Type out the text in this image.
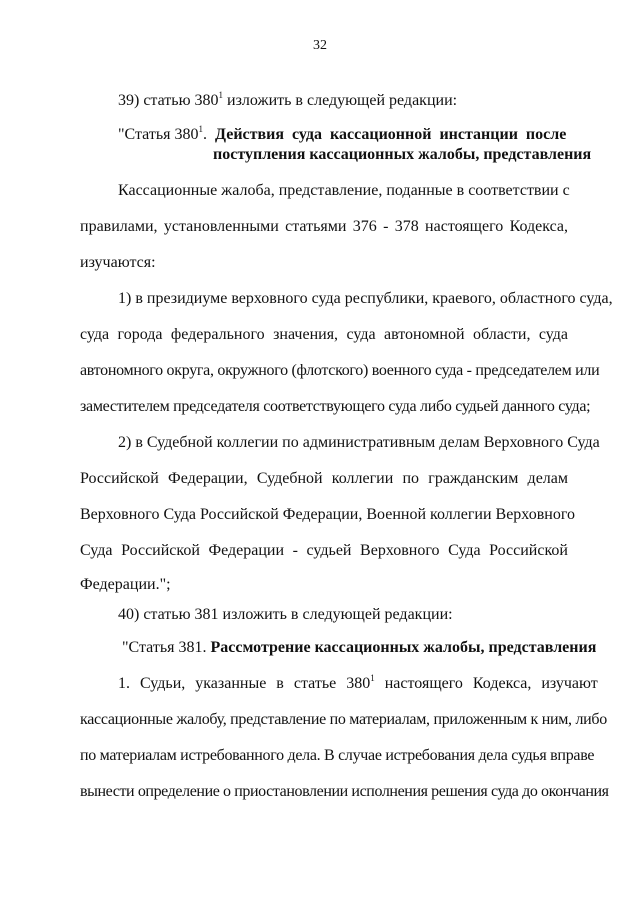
32
39) статью $380^1$ изложить в следующей редакции:
"Статья $380^1$. Действия суда кассационной инстанции после
поступления кассационных жалобы, представления
Кассационные жалоба, представление, поданные в соответствии с
правилами, установленными статьями 376 - 378 настоящего Кодекса,
изучаются:
1) в президиуме верховного суда республики, краевого, областного суда,
суда города федерального значения, суда автономной области, суда
автономного округа, окружного (флотского) военного суда - председателем или
заместителем председателя соответствующего суда либо судьей данного суда;
2) в Судебной коллегии по административным делам Верховного Суда
Российской Федерации, Судебной коллегии по гражданским делам
Верховного Суда Российской Федерации, Военной коллегии Верховного
Суда Российской Федерации - судьей Верховного Суда Российской
Федерации.";
40) статью 381 изложить в следующей редакции:
"Статья 381. Рассмотрение кассационных жалобы, представления
1. Судьи, указанные в статье $380^1$ настоящего Кодекса, изучают
кассационные жалобу, представление по материалам, приложенным к ним, либо
по материалам истребованного дела. В случае истребования дела судья вправе
вынести определение о приостановлении исполнения решения суда до окончания
